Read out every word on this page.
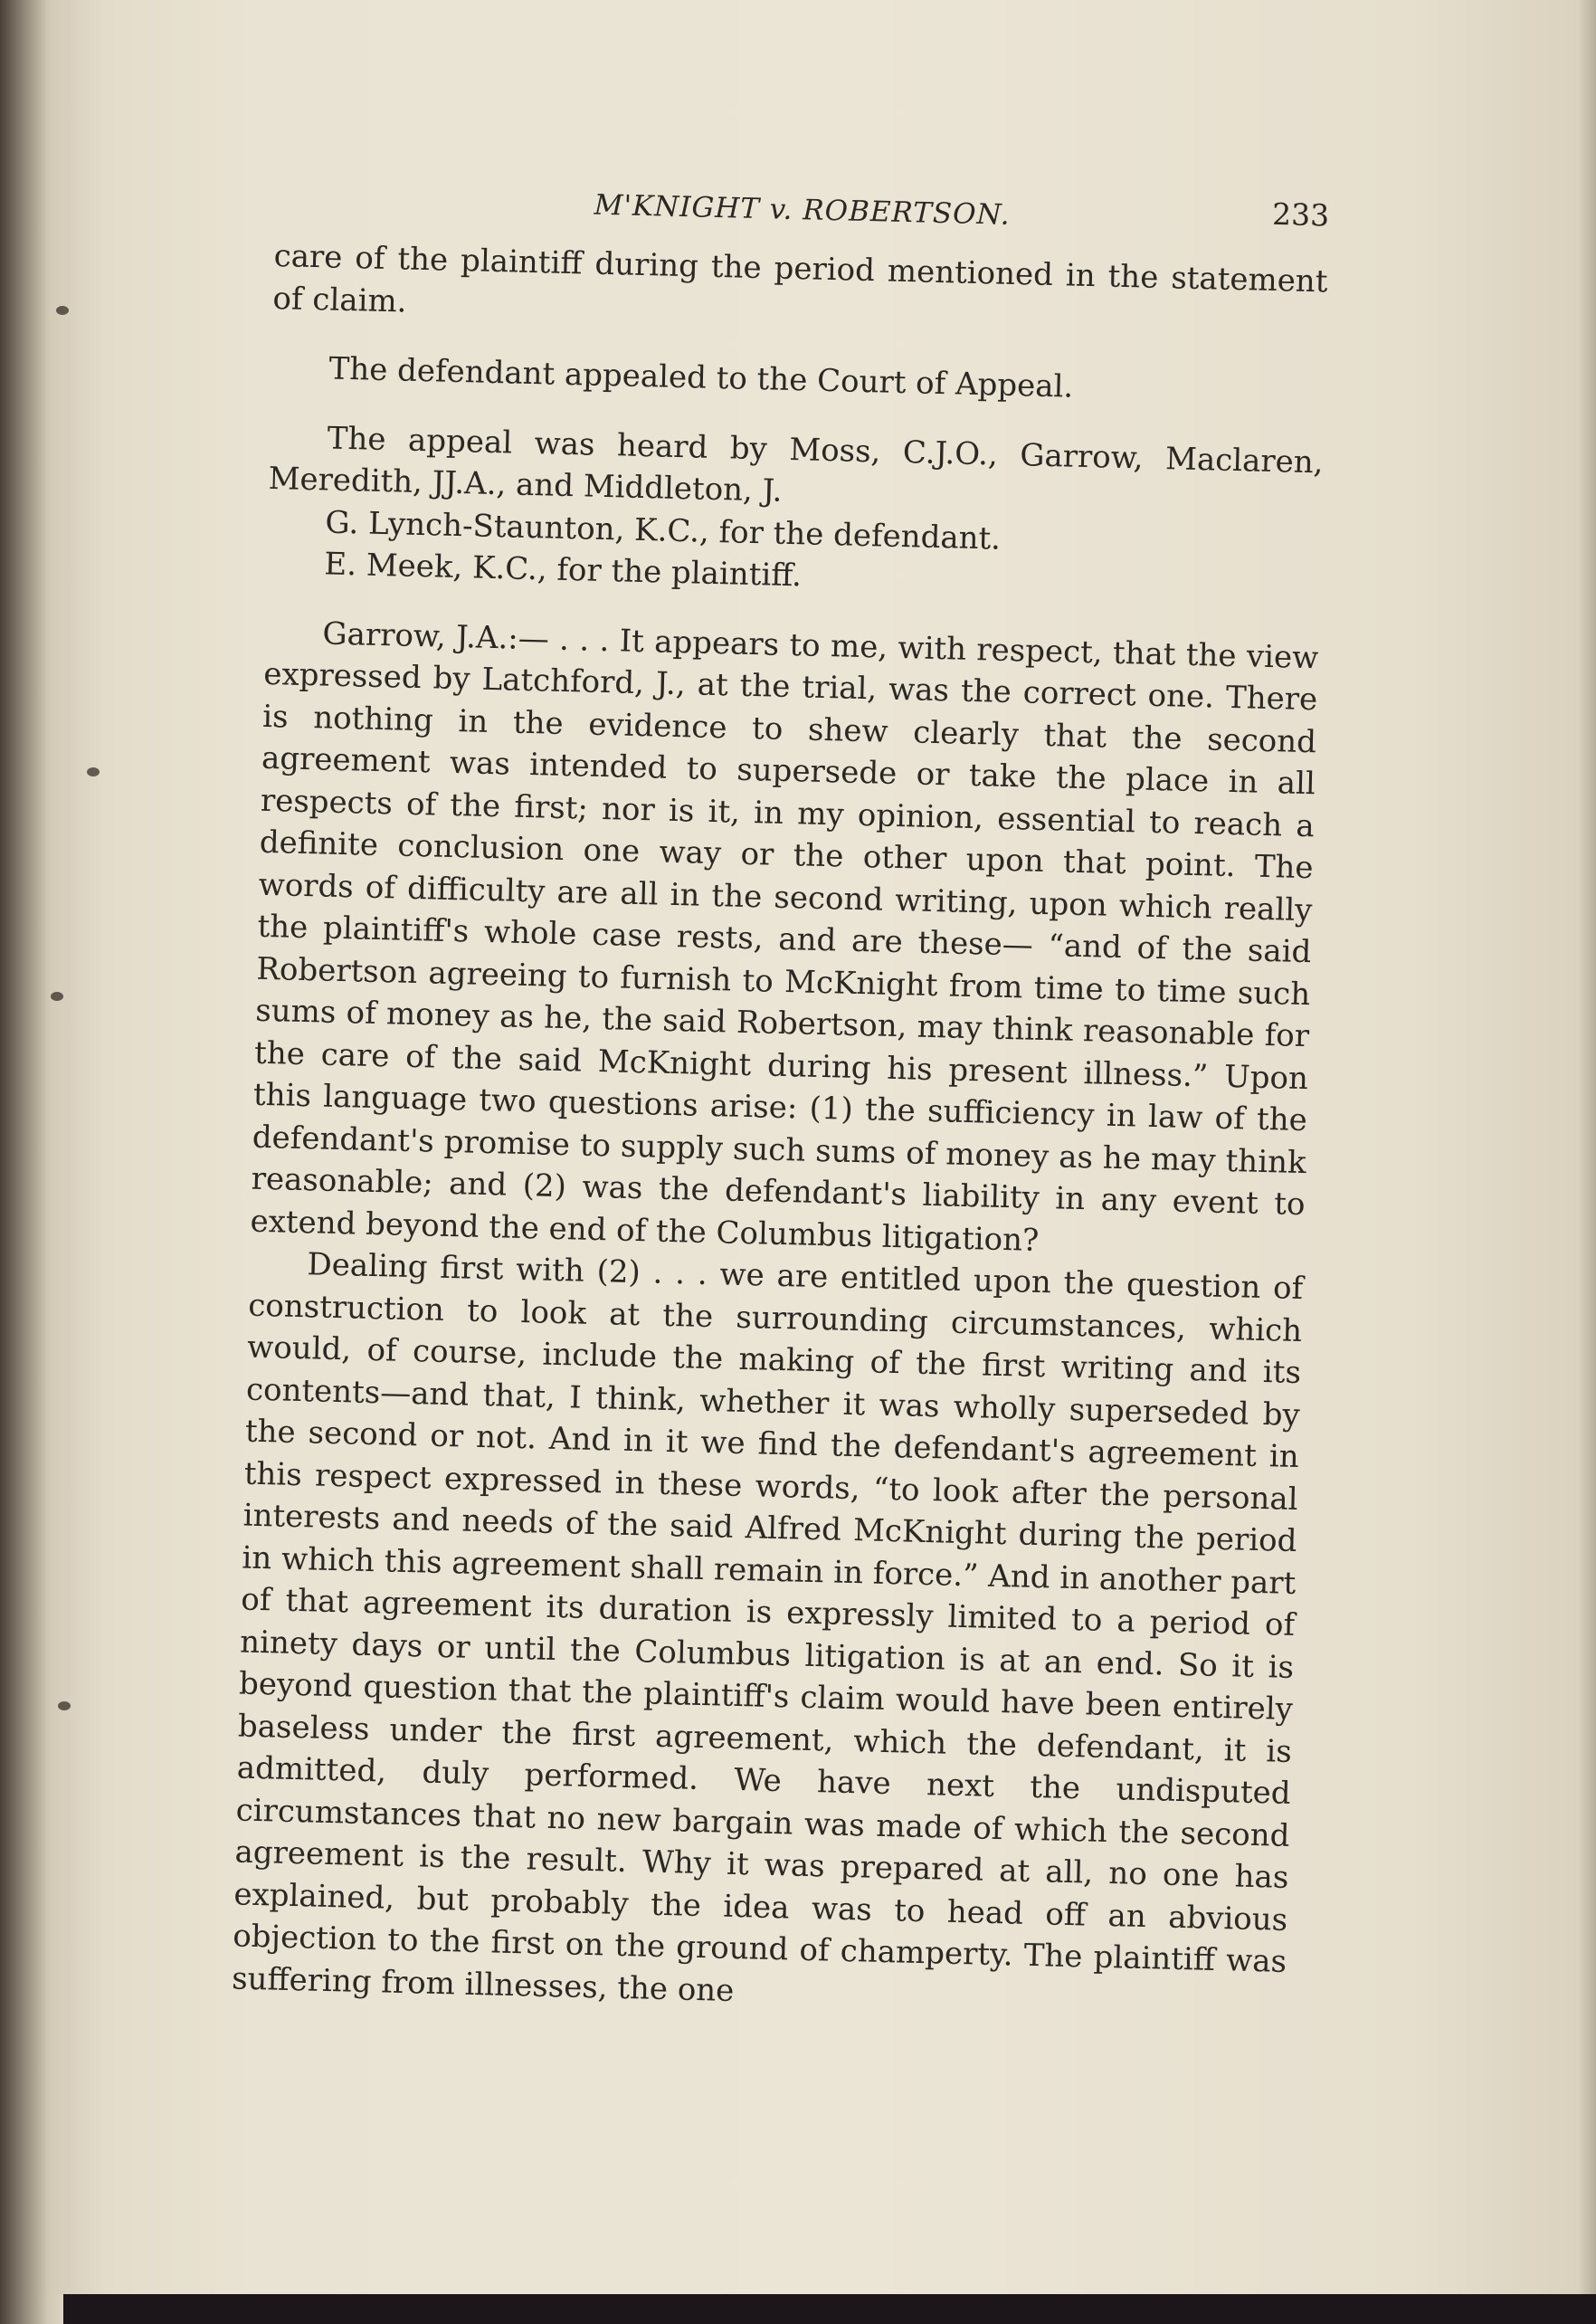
M'KNIGHT v. ROBERTSON.	233

care of the plaintiff during the period mentioned in the statement of claim.

The defendant appealed to the Court of Appeal.

The appeal was heard by Moss, C.J.O., Garrow, Maclaren, Meredith, JJ.A., and Middleton, J.

G. Lynch-Staunton, K.C., for the defendant.

E. Meek, K.C., for the plaintiff.

Garrow, J.A.:— . . . It appears to me, with respect, that the view expressed by Latchford, J., at the trial, was the correct one. There is nothing in the evidence to shew clearly that the second agreement was intended to supersede or take the place in all respects of the first; nor is it, in my opinion, essential to reach a definite conclusion one way or the other upon that point. The words of difficulty are all in the second writing, upon which really the plaintiff's whole case rests, and are these— “and of the said Robertson agreeing to furnish to McKnight from time to time such sums of money as he, the said Robertson, may think reasonable for the care of the said McKnight during his present illness.” Upon this language two questions arise: (1) the sufficiency in law of the defendant's promise to supply such sums of money as he may think reasonable; and (2) was the defendant's liability in any event to extend beyond the end of the Columbus litigation?

Dealing first with (2) . . . we are entitled upon the question of construction to look at the surrounding circumstances, which would, of course, include the making of the first writing and its contents—and that, I think, whether it was wholly superseded by the second or not. And in it we find the defendant's agreement in this respect expressed in these words, “to look after the personal interests and needs of the said Alfred McKnight during the period in which this agreement shall remain in force.” And in another part of that agreement its duration is expressly limited to a period of ninety days or until the Columbus litigation is at an end. So it is beyond question that the plaintiff's claim would have been entirely baseless under the first agreement, which the defendant, it is admitted, duly performed. We have next the undisputed circumstances that no new bargain was made of which the second agreement is the result. Why it was prepared at all, no one has explained, but probably the idea was to head off an abvious objection to the first on the ground of champerty. The plaintiff was suffering from illnesses, the one
